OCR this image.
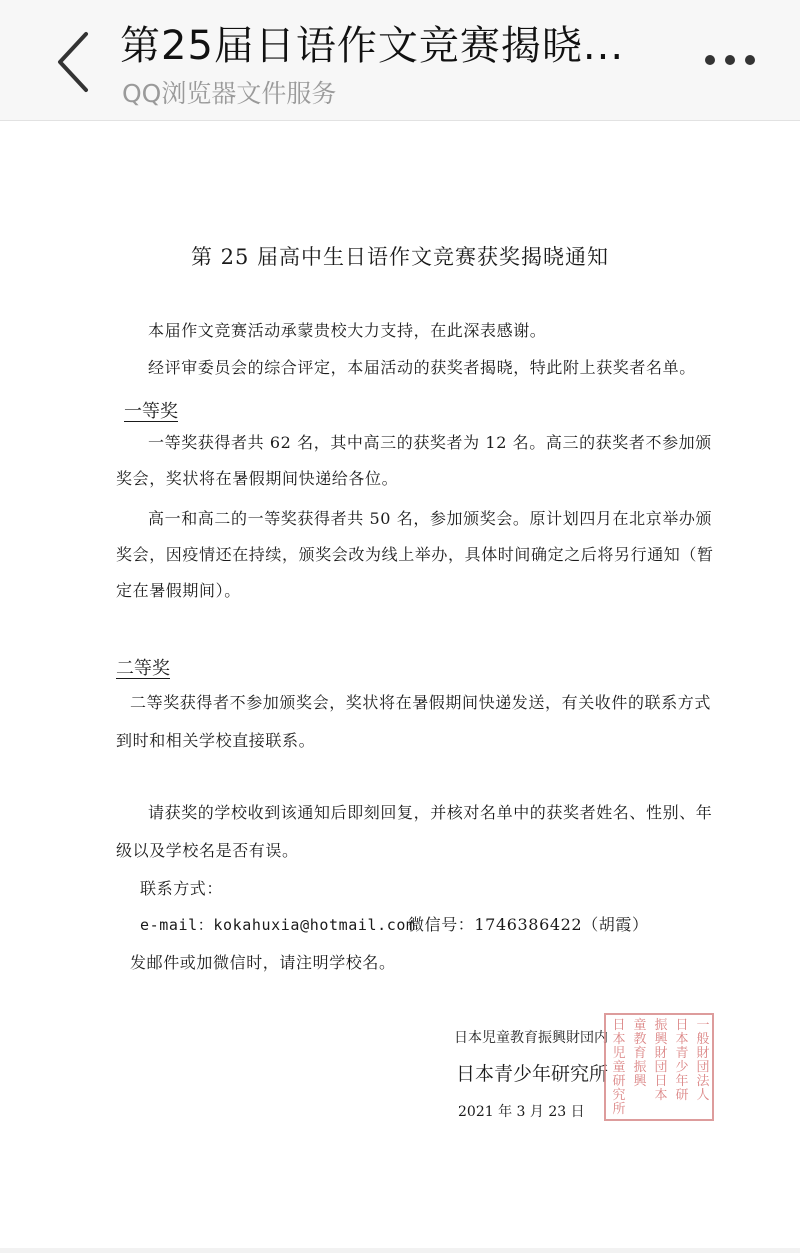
第25届日语作文竞赛揭晓...
QQ浏览器文件服务
第 25 届高中生日语作文竞赛获奖揭晓通知
本届作文竞赛活动承蒙贵校大力支持，在此深表感谢。
经评审委员会的综合评定，本届活动的获奖者揭晓，特此附上获奖者名单。
一等奖
一等奖获得者共 62 名，其中高三的获奖者为 12 名。高三的获奖者不参加颁
奖会，奖状将在暑假期间快递给各位。
高一和高二的一等奖获得者共 50 名，参加颁奖会。原计划四月在北京举办颁
奖会，因疫情还在持续，颁奖会改为线上举办，具体时间确定之后将另行通知（暂
定在暑假期间）。
二等奖
二等奖获得者不参加颁奖会，奖状将在暑假期间快递发送，有关收件的联系方式
到时和相关学校直接联系。
请获奖的学校收到该通知后即刻回复，并核对名单中的获奖者姓名、性别、年
级以及学校名是否有误。
联系方式：
e-mail：kokahuxia@hotmail.com
微信号：1746386422（胡霞）
发邮件或加微信时，请注明学校名。
日本児童教育振興財団内
日本青少年研究所
2021 年 3 月 23 日
一般財団法人
日本青少年研
振興財団日本
童教育振興
日本児童研究所
